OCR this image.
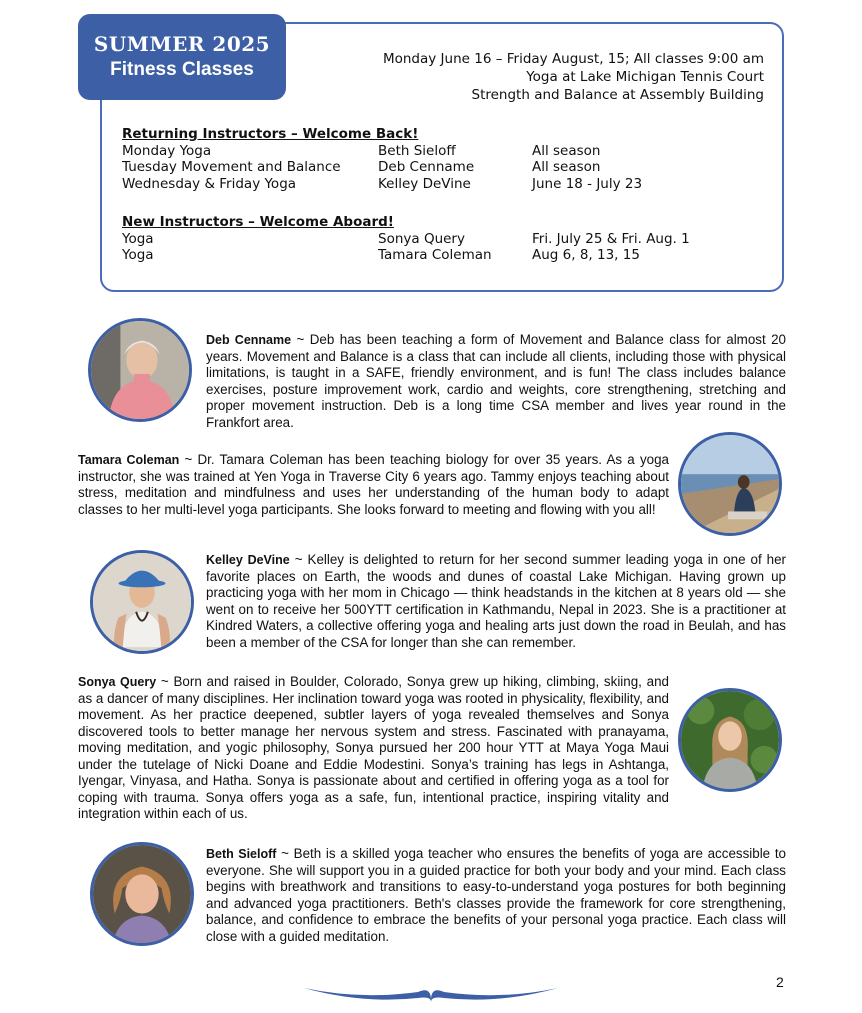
SUMMER 2025
Fitness Classes	Monday June 16 – Friday August, 15; All classes 9:00 am
Yoga at Lake Michigan Tennis Court
Strength and Balance at Assembly Building
Returning Instructors – Welcome Back!
Monday Yoga	Beth Sieloff	All season
Tuesday Movement and Balance	Deb Cenname	All season
Wednesday & Friday Yoga	Kelley DeVine	June 18 - July 23
New Instructors – Welcome Aboard!
Yoga	Sonya Query	Fri. July 25 & Fri. Aug. 1
Yoga	Tamara Coleman	Aug 6, 8, 13, 15
Deb Cenname ~ Deb has been teaching a form of Movement and Balance class for almost 20 years. Movement and Balance is a class that can include all clients, including those with physical limitations, is taught in a SAFE, friendly environment, and is fun! The class includes balance exercises, posture improvement work, cardio and weights, core strengthening, stretching and proper movement instruction. Deb is a long time CSA member and lives year round in the Frankfort area.
Tamara Coleman ~ Dr. Tamara Coleman has been teaching biology for over 35 years. As a yoga instructor, she was trained at Yen Yoga in Traverse City 6 years ago. Tammy enjoys teaching about stress, meditation and mindfulness and uses her understanding of the human body to adapt classes to her multi-level yoga participants. She looks forward to meeting and flowing with you all!
Kelley DeVine ~ Kelley is delighted to return for her second summer leading yoga in one of her favorite places on Earth, the woods and dunes of coastal Lake Michigan. Having grown up practicing yoga with her mom in Chicago — think headstands in the kitchen at 8 years old — she went on to receive her 500YTT certification in Kathmandu, Nepal in 2023. She is a practitioner at Kindred Waters, a collective offering yoga and healing arts just down the road in Beulah, and has been a member of the CSA for longer than she can remember.
Sonya Query ~ Born and raised in Boulder, Colorado, Sonya grew up hiking, climbing, skiing, and as a dancer of many disciplines. Her inclination toward yoga was rooted in physicality, flexibility, and movement. As her practice deepened, subtler layers of yoga revealed themselves and Sonya discovered tools to better manage her nervous system and stress. Fascinated with pranayama, moving meditation, and yogic philosophy, Sonya pursued her 200 hour YTT at Maya Yoga Maui under the tutelage of Nicki Doane and Eddie Modestini. Sonya’s training has legs in Ashtanga, Iyengar, Vinyasa, and Hatha. Sonya is passionate about and certified in offering yoga as a tool for coping with trauma. Sonya offers yoga as a safe, fun, intentional practice, inspiring vitality and integration within each of us.
Beth Sieloff ~ Beth is a skilled yoga teacher who ensures the benefits of yoga are accessible to everyone. She will support you in a guided practice for both your body and your mind. Each class begins with breathwork and transitions to easy-to-understand yoga postures for both beginning and advanced yoga practitioners. Beth's classes provide the framework for core strengthening, balance, and confidence to embrace the benefits of your personal yoga practice. Each class will close with a guided meditation.
2
